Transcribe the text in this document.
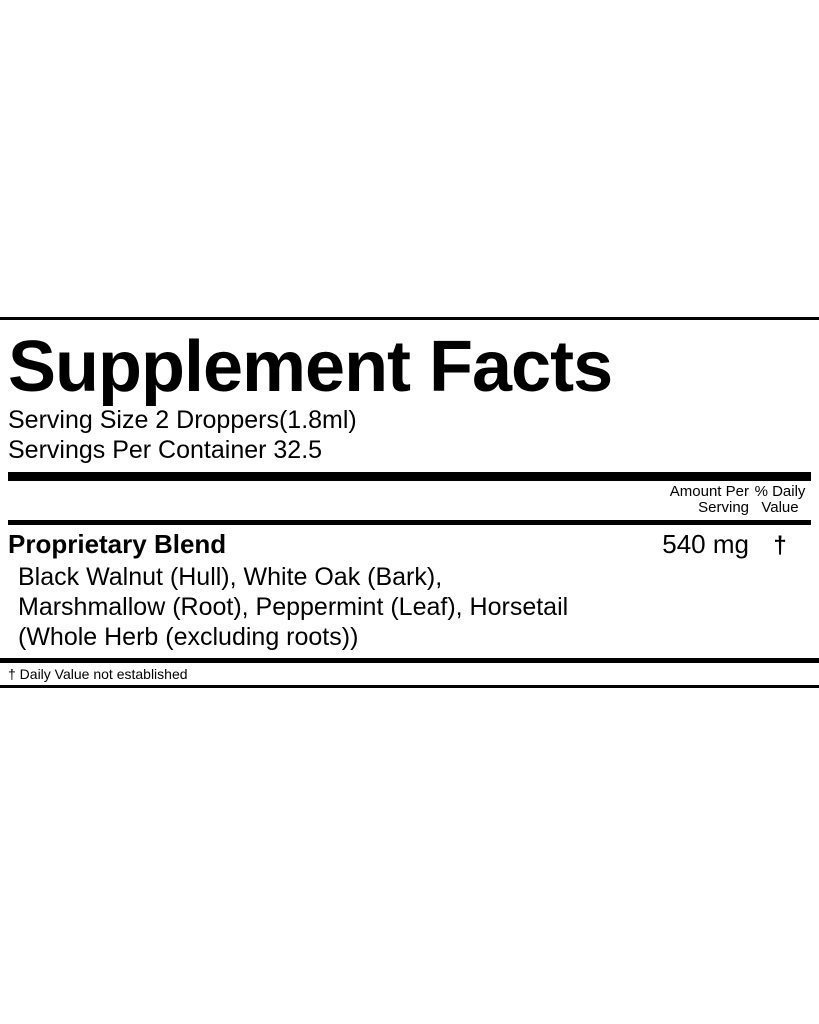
Supplement Facts
Serving Size 2 Droppers(1.8ml)
Servings Per Container 32.5
Amount Per
Serving
% Daily
Value
Proprietary Blend	540 mg	†
Black Walnut (Hull), White Oak (Bark),
Marshmallow (Root), Peppermint (Leaf), Horsetail
(Whole Herb (excluding roots))
† Daily Value not established
